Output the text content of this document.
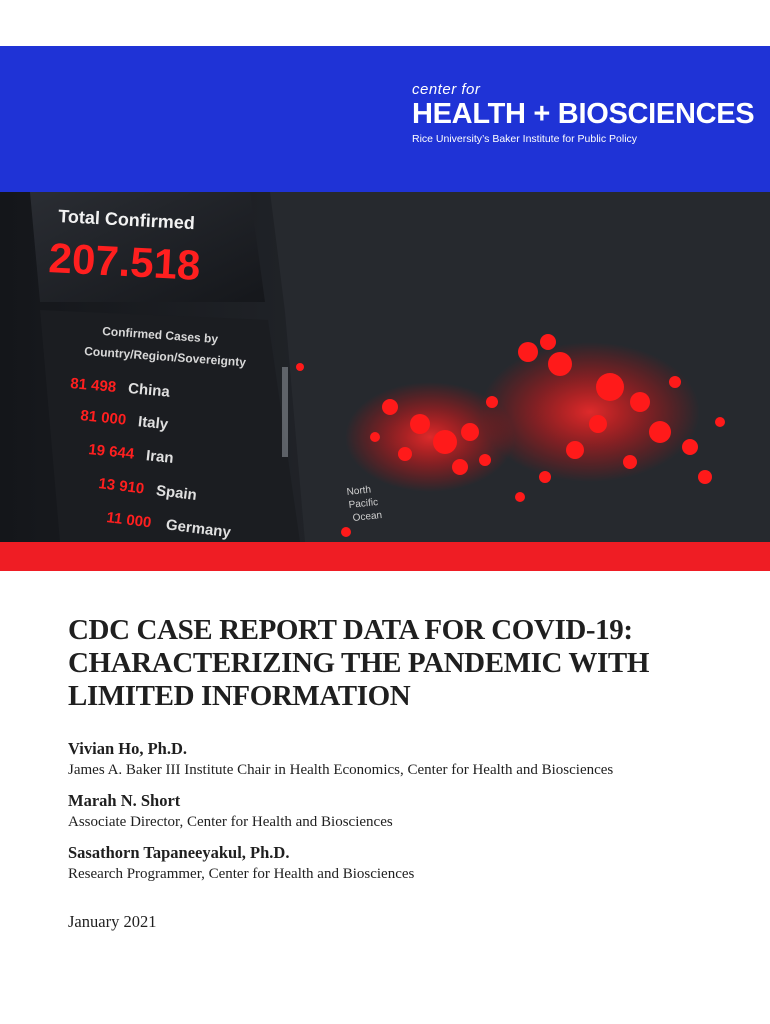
center for
HEALTH + BIOSCIENCES
Rice University’s Baker Institute for Public Policy
Total Confirmed
207.518
Confirmed Cases by
Country/Region/Sovereignty
81 498 China
81 000 Italy
19 644 Iran
13 910 Spain
11 000 Germany
North
Pacific
Ocean
CDC CASE REPORT DATA FOR COVID-19: CHARACTERIZING THE PANDEMIC WITH LIMITED INFORMATION
Vivian Ho, Ph.D.
James A. Baker III Institute Chair in Health Economics, Center for Health and Biosciences
Marah N. Short
Associate Director, Center for Health and Biosciences
Sasathorn Tapaneeyakul, Ph.D.
Research Programmer, Center for Health and Biosciences
January 2021
